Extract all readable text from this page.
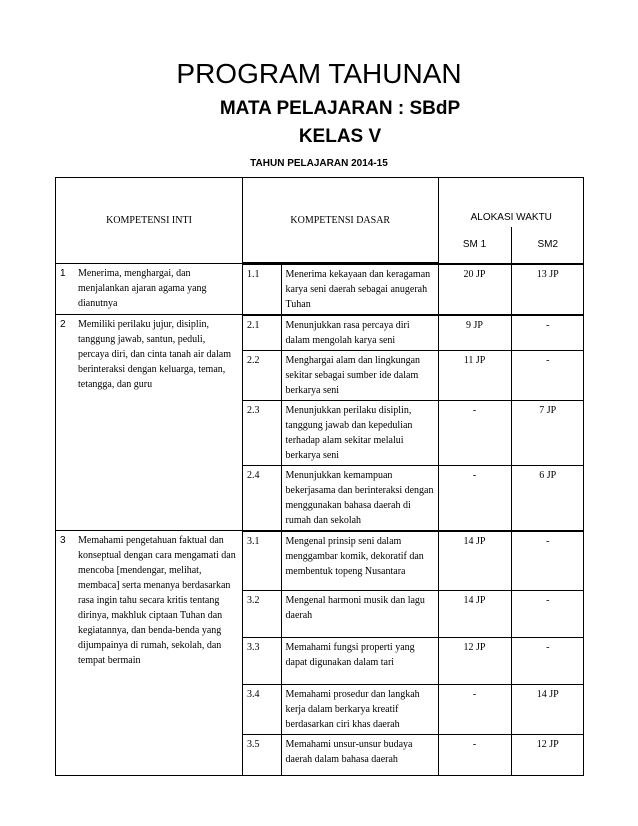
PROGRAM TAHUNAN
MATA PELAJARAN : SBdP
KELAS V
TAHUN PELAJARAN 2014-15
KOMPETENSI INTI		KOMPETENSI DASAR	ALOKASI WAKTU
SM 1	SM2

1 Menerima, menghargai, dan menjalankan ajaran agama yang dianutnya	
1.1	Menerima kekayaan dan keragaman karya seni daerah sebagai anugerah Tuhan	20 JP	13 JP

2 Memiliki perilaku jujur, disiplin, tanggung jawab, santun, peduli, percaya diri, dan cinta tanah air dalam berinteraksi dengan keluarga, teman, tetangga, dan guru	
2.1	Menunjukkan rasa percaya diri dalam mengolah karya seni	9 JP	-
2.2	Menghargai alam dan lingkungan sekitar sebagai sumber ide dalam berkarya seni	11 JP	-
2.3	Menunjukkan perilaku disiplin, tanggung jawab dan kepedulian terhadap alam sekitar melalui berkarya seni	-	7 JP
2.4	Menunjukkan kemampuan bekerjasama dan berinteraksi dengan menggunakan bahasa daerah di rumah dan sekolah	-	6 JP

3 Memahami pengetahuan faktual dan konseptual dengan cara mengamati dan mencoba [mendengar, melihat, membaca] serta menanya berdasarkan rasa ingin tahu secara kritis tentang dirinya, makhluk ciptaan Tuhan dan kegiatannya, dan benda-benda yang dijumpainya di rumah, sekolah, dan tempat bermain	
3.1	Mengenal prinsip seni dalam menggambar komik, dekoratif dan membentuk topeng Nusantara	14 JP	-
3.2	Mengenal harmoni musik dan lagu daerah	14 JP	-
3.3	Memahami fungsi properti yang dapat digunakan dalam tari	12 JP	-
3.4	Memahami prosedur dan langkah kerja dalam berkarya kreatif berdasarkan ciri khas daerah	-	14 JP
3.5	Memahami unsur-unsur budaya daerah dalam bahasa daerah	-	12 JP
